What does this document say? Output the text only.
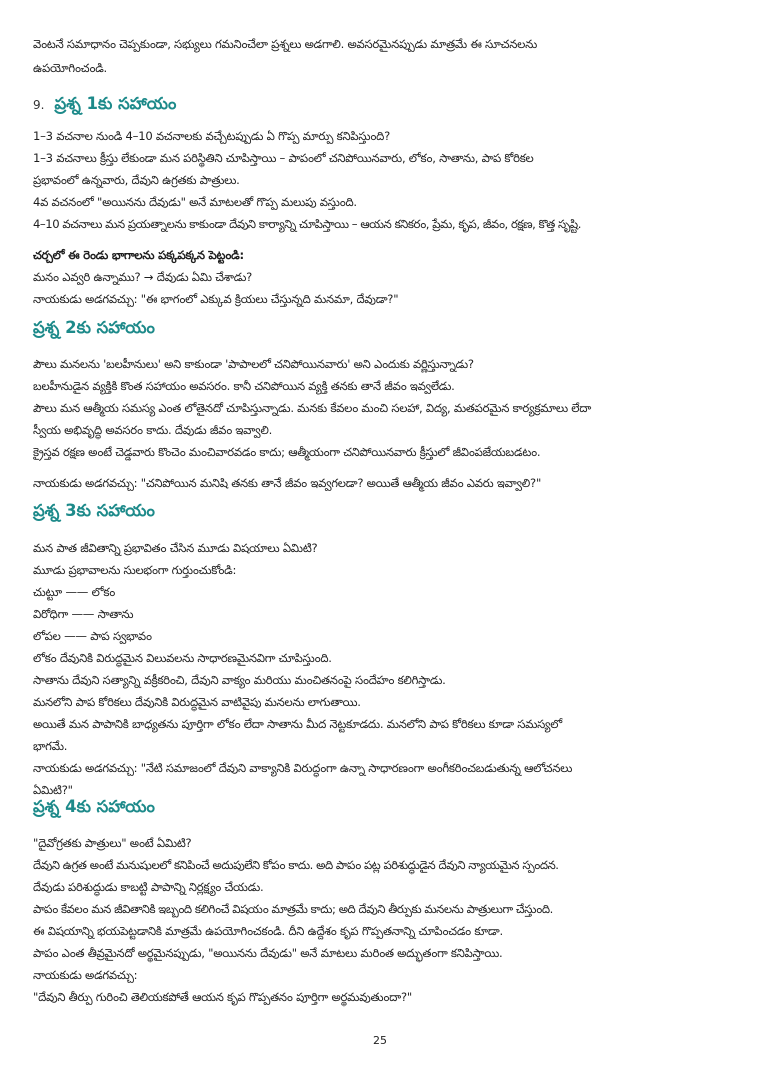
వెంటనే సమాధానం చెప్పకుండా, సభ్యులు గమనించేలా ప్రశ్నలు అడగాలి. అవసరమైనప్పుడు మాత్రమే ఈ సూచనలను
ఉపయోగించండి.
9. ప్రశ్న 1కు సహాయం
1–3 వచనాల నుండి 4–10 వచనాలకు వచ్చేటప్పుడు ఏ గొప్ప మార్పు కనిపిస్తుంది?
1–3 వచనాలు క్రీస్తు లేకుండా మన పరిస్థితిని చూపిస్తాయి – పాపంలో చనిపోయినవారు, లోకం, సాతాను, పాప కోరికల
ప్రభావంలో ఉన్నవారు, దేవుని ఉగ్రతకు పాత్రులు.
4వ వచనంలో "అయినను దేవుడు" అనే మాటలతో గొప్ప మలుపు వస్తుంది.
4–10 వచనాలు మన ప్రయత్నాలను కాకుండా దేవుని కార్యాన్ని చూపిస్తాయి – ఆయన కనికరం, ప్రేమ, కృప, జీవం, రక్షణ, కొత్త సృష్టి.
చర్చలో ఈ రెండు భాగాలను పక్కపక్కన పెట్టండి:
మనం ఎవ్వరి ఉన్నాము? → దేవుడు ఏమి చేశాడు?
నాయకుడు అడగవచ్చు: "ఈ భాగంలో ఎక్కువ క్రియలు చేస్తున్నది మనమా, దేవుడా?"
ప్రశ్న 2కు సహాయం
పౌలు మనలను 'బలహీనులు' అని కాకుండా 'పాపాలలో చనిపోయినవారు' అని ఎందుకు వర్ణిస్తున్నాడు?
బలహీనుడైన వ్యక్తికి కొంత సహాయం అవసరం. కానీ చనిపోయిన వ్యక్తి తనకు తానే జీవం ఇవ్వలేడు.
పౌలు మన ఆత్మీయ సమస్య ఎంత లోతైనదో చూపిస్తున్నాడు. మనకు కేవలం మంచి సలహా, విద్య, మతపరమైన కార్యక్రమాలు లేదా
స్వీయ అభివృద్ధి అవసరం కాదు. దేవుడు జీవం ఇవ్వాలి.
క్రైస్తవ రక్షణ అంటే చెడ్డవారు కొంచెం మంచివారవడం కాదు; ఆత్మీయంగా చనిపోయినవారు క్రీస్తులో జీవింపజేయబడటం.
నాయకుడు అడగవచ్చు: "చనిపోయిన మనిషి తనకు తానే జీవం ఇవ్వగలడా? అయితే ఆత్మీయ జీవం ఎవరు ఇవ్వాలి?"
ప్రశ్న 3కు సహాయం
మన పాత జీవితాన్ని ప్రభావితం చేసిన మూడు విషయాలు ఏమిటి?
మూడు ప్రభావాలను సులభంగా గుర్తుంచుకోండి:
చుట్టూ —— లోకం
విరోధిగా —— సాతాను
లోపల —— పాప స్వభావం
లోకం దేవునికి విరుద్ధమైన విలువలను సాధారణమైనవిగా చూపిస్తుంది.
సాతాను దేవుని సత్యాన్ని వక్రీకరించి, దేవుని వాక్యం మరియు మంచితనంపై సందేహం కలిగిస్తాడు.
మనలోని పాప కోరికలు దేవునికి విరుద్ధమైన వాటివైపు మనలను లాగుతాయి.
అయితే మన పాపానికి బాధ్యతను పూర్తిగా లోకం లేదా సాతాను మీద నెట్టకూడదు. మనలోని పాప కోరికలు కూడా సమస్యలో
భాగమే.
నాయకుడు అడగవచ్చు: "నేటి సమాజంలో దేవుని వాక్యానికి విరుద్ధంగా ఉన్నా సాధారణంగా అంగీకరించబడుతున్న ఆలోచనలు
ఏమిటి?"
ప్రశ్న 4కు సహాయం
"దైవోగ్రతకు పాత్రులు" అంటే ఏమిటి?
దేవుని ఉగ్రత అంటే మనుషులలో కనిపించే అదుపులేని కోపం కాదు. అది పాపం పట్ల పరిశుద్ధుడైన దేవుని న్యాయమైన స్పందన.
దేవుడు పరిశుద్ధుడు కాబట్టి పాపాన్ని నిర్లక్ష్యం చేయడు.
పాపం కేవలం మన జీవితానికి ఇబ్బంది కలిగించే విషయం మాత్రమే కాదు; అది దేవుని తీర్పుకు మనలను పాత్రులుగా చేస్తుంది.
ఈ విషయాన్ని భయపెట్టడానికి మాత్రమే ఉపయోగించకండి. దీని ఉద్దేశం కృప గొప్పతనాన్ని చూపించడం కూడా.
పాపం ఎంత తీవ్రమైనదో అర్థమైనప్పుడు, "అయినను దేవుడు" అనే మాటలు మరింత అద్భుతంగా కనిపిస్తాయి.
నాయకుడు అడగవచ్చు:
"దేవుని తీర్పు గురించి తెలియకపోతే ఆయన కృప గొప్పతనం పూర్తిగా అర్థమవుతుందా?"
25
